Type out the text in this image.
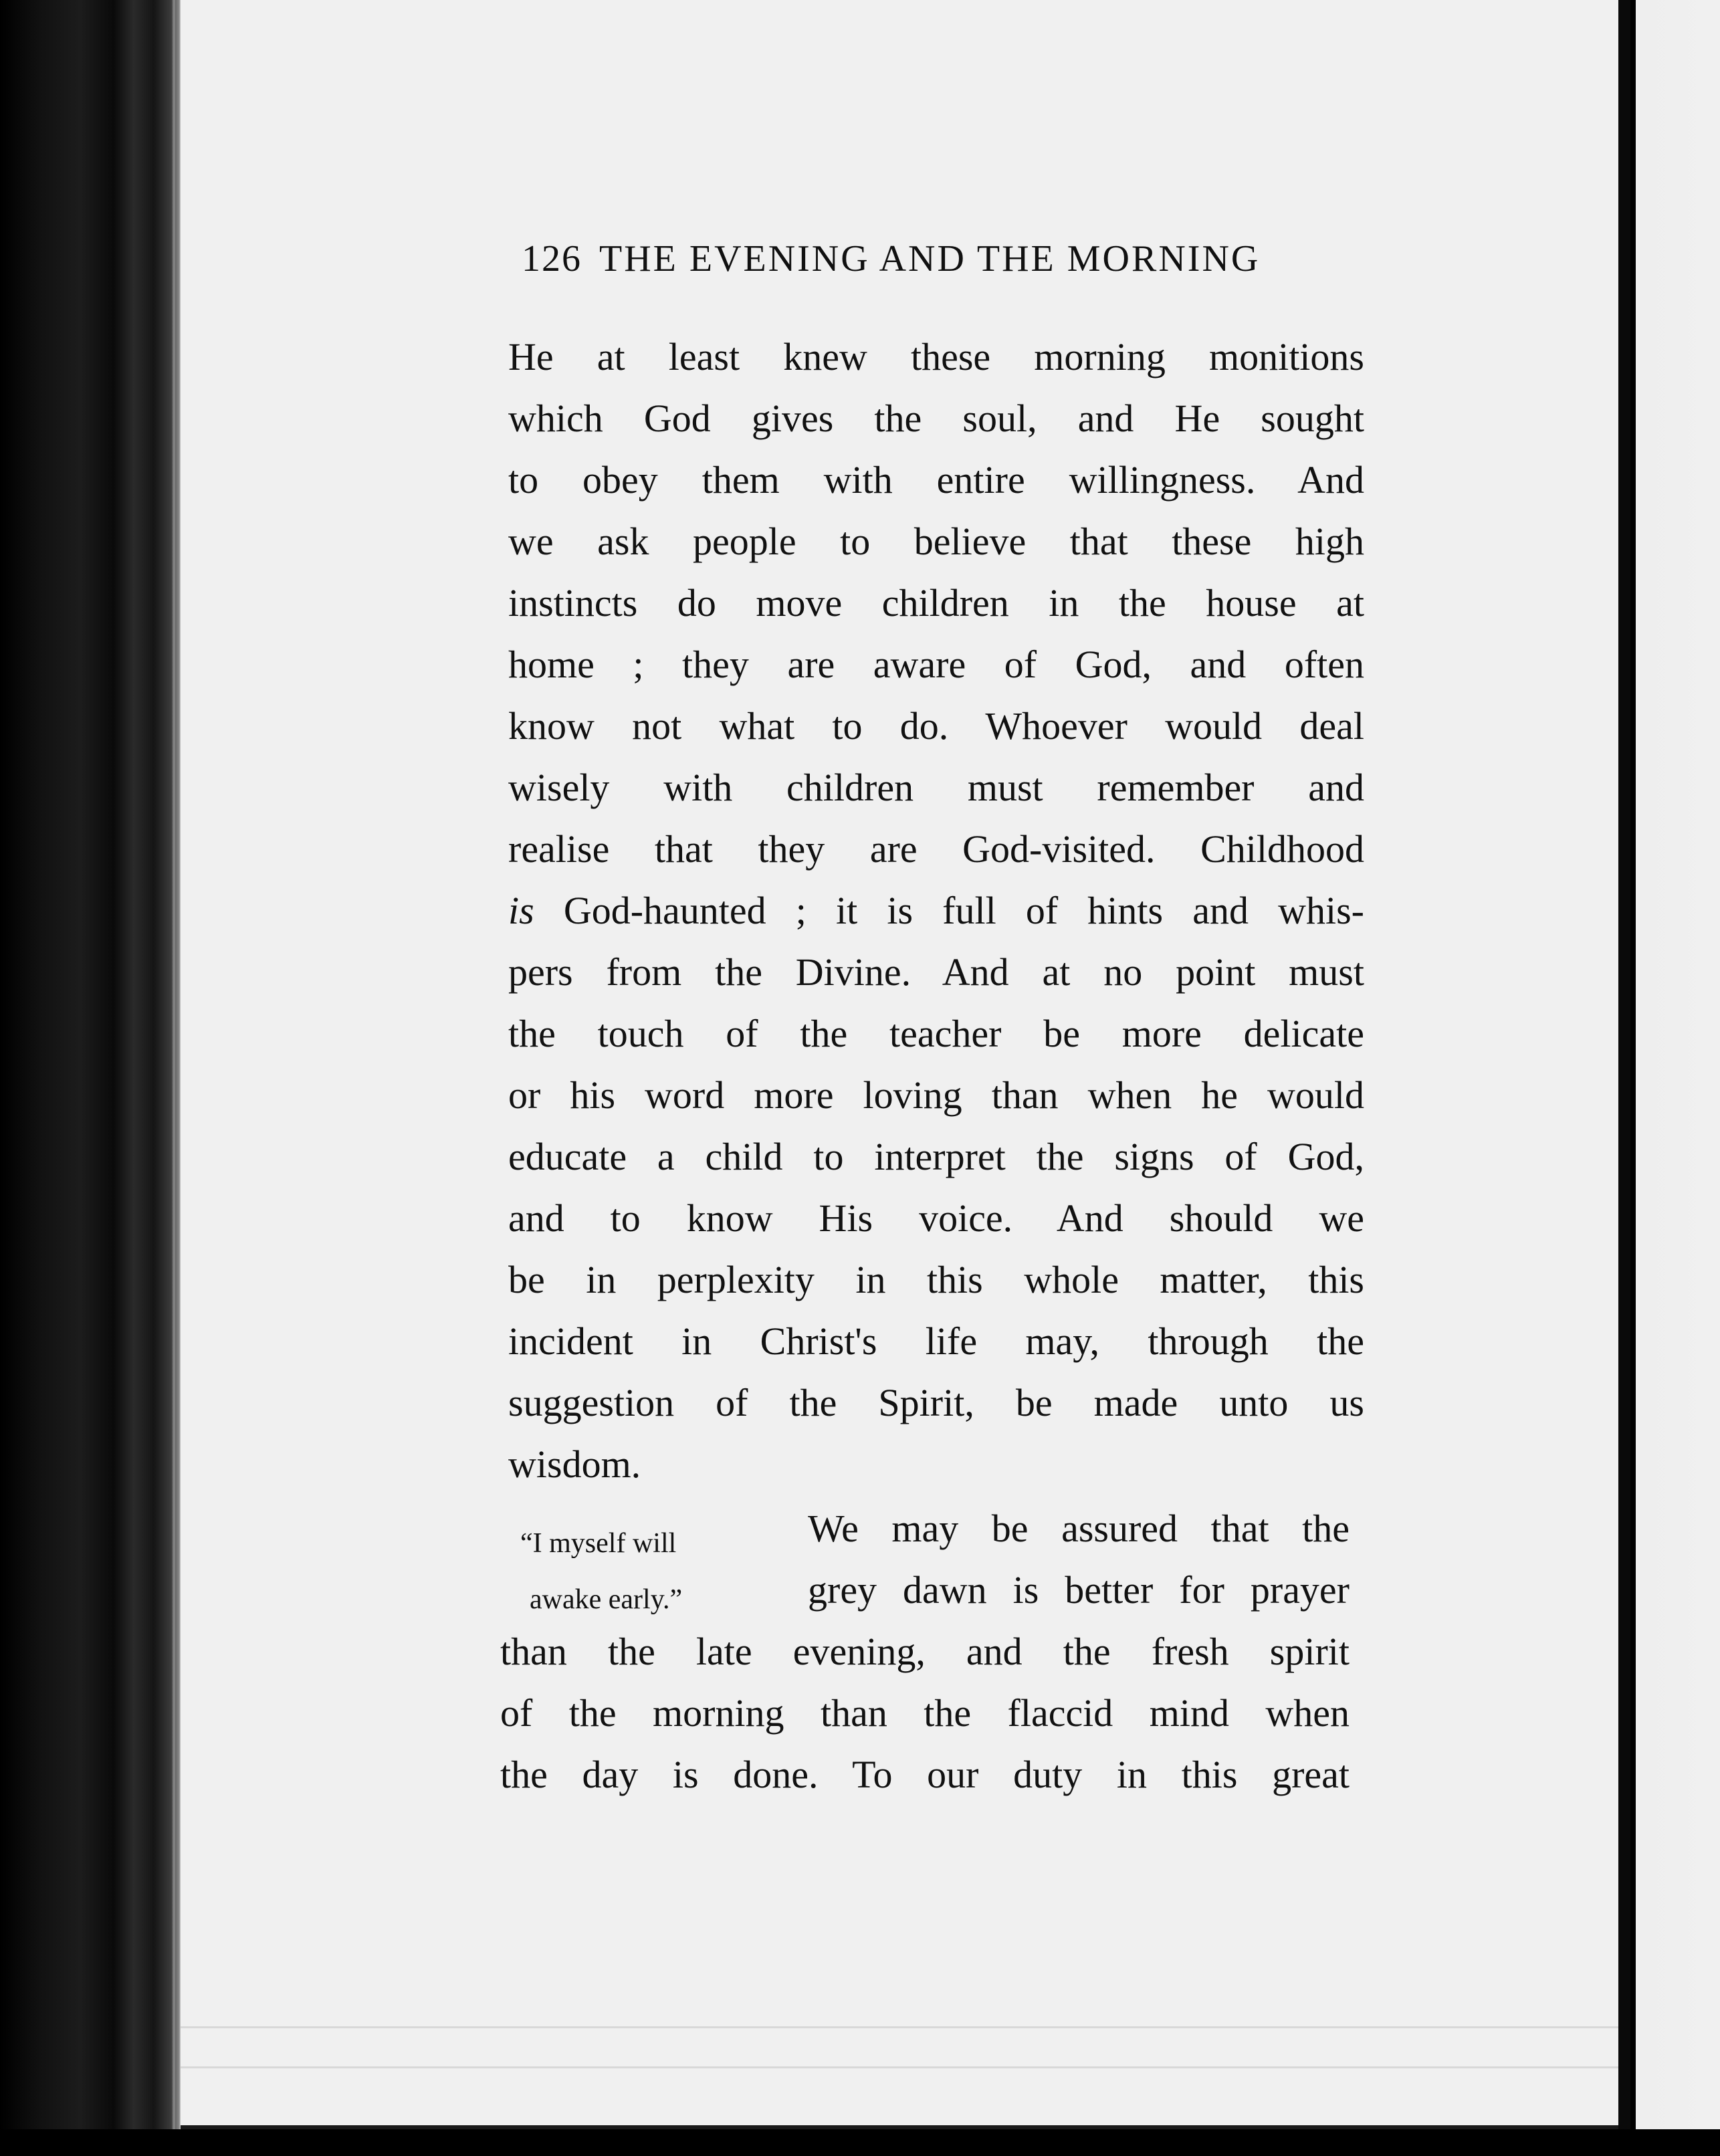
126 THE EVENING AND THE MORNING
He at least knew these morning monitions
which God gives the soul, and He sought
to obey them with entire willingness. And
we ask people to believe that these high
instincts do move children in the house at
home ; they are aware of God, and often
know not what to do. Whoever would deal
wisely with children must remember and
realise that they are God-visited. Childhood
is God-haunted ; it is full of hints and whis-
pers from the Divine. And at no point must
the touch of the teacher be more delicate
or his word more loving than when he would
educate a child to interpret the signs of God,
and to know His voice. And should we
be in perplexity in this whole matter, this
incident in Christ's life may, through the
suggestion of the Spirit, be made unto us
wisdom.
“I myself will
awake early.”
We may be assured that the
grey dawn is better for prayer
than the late evening, and the fresh spirit
of the morning than the flaccid mind when
the day is done. To our duty in this great
